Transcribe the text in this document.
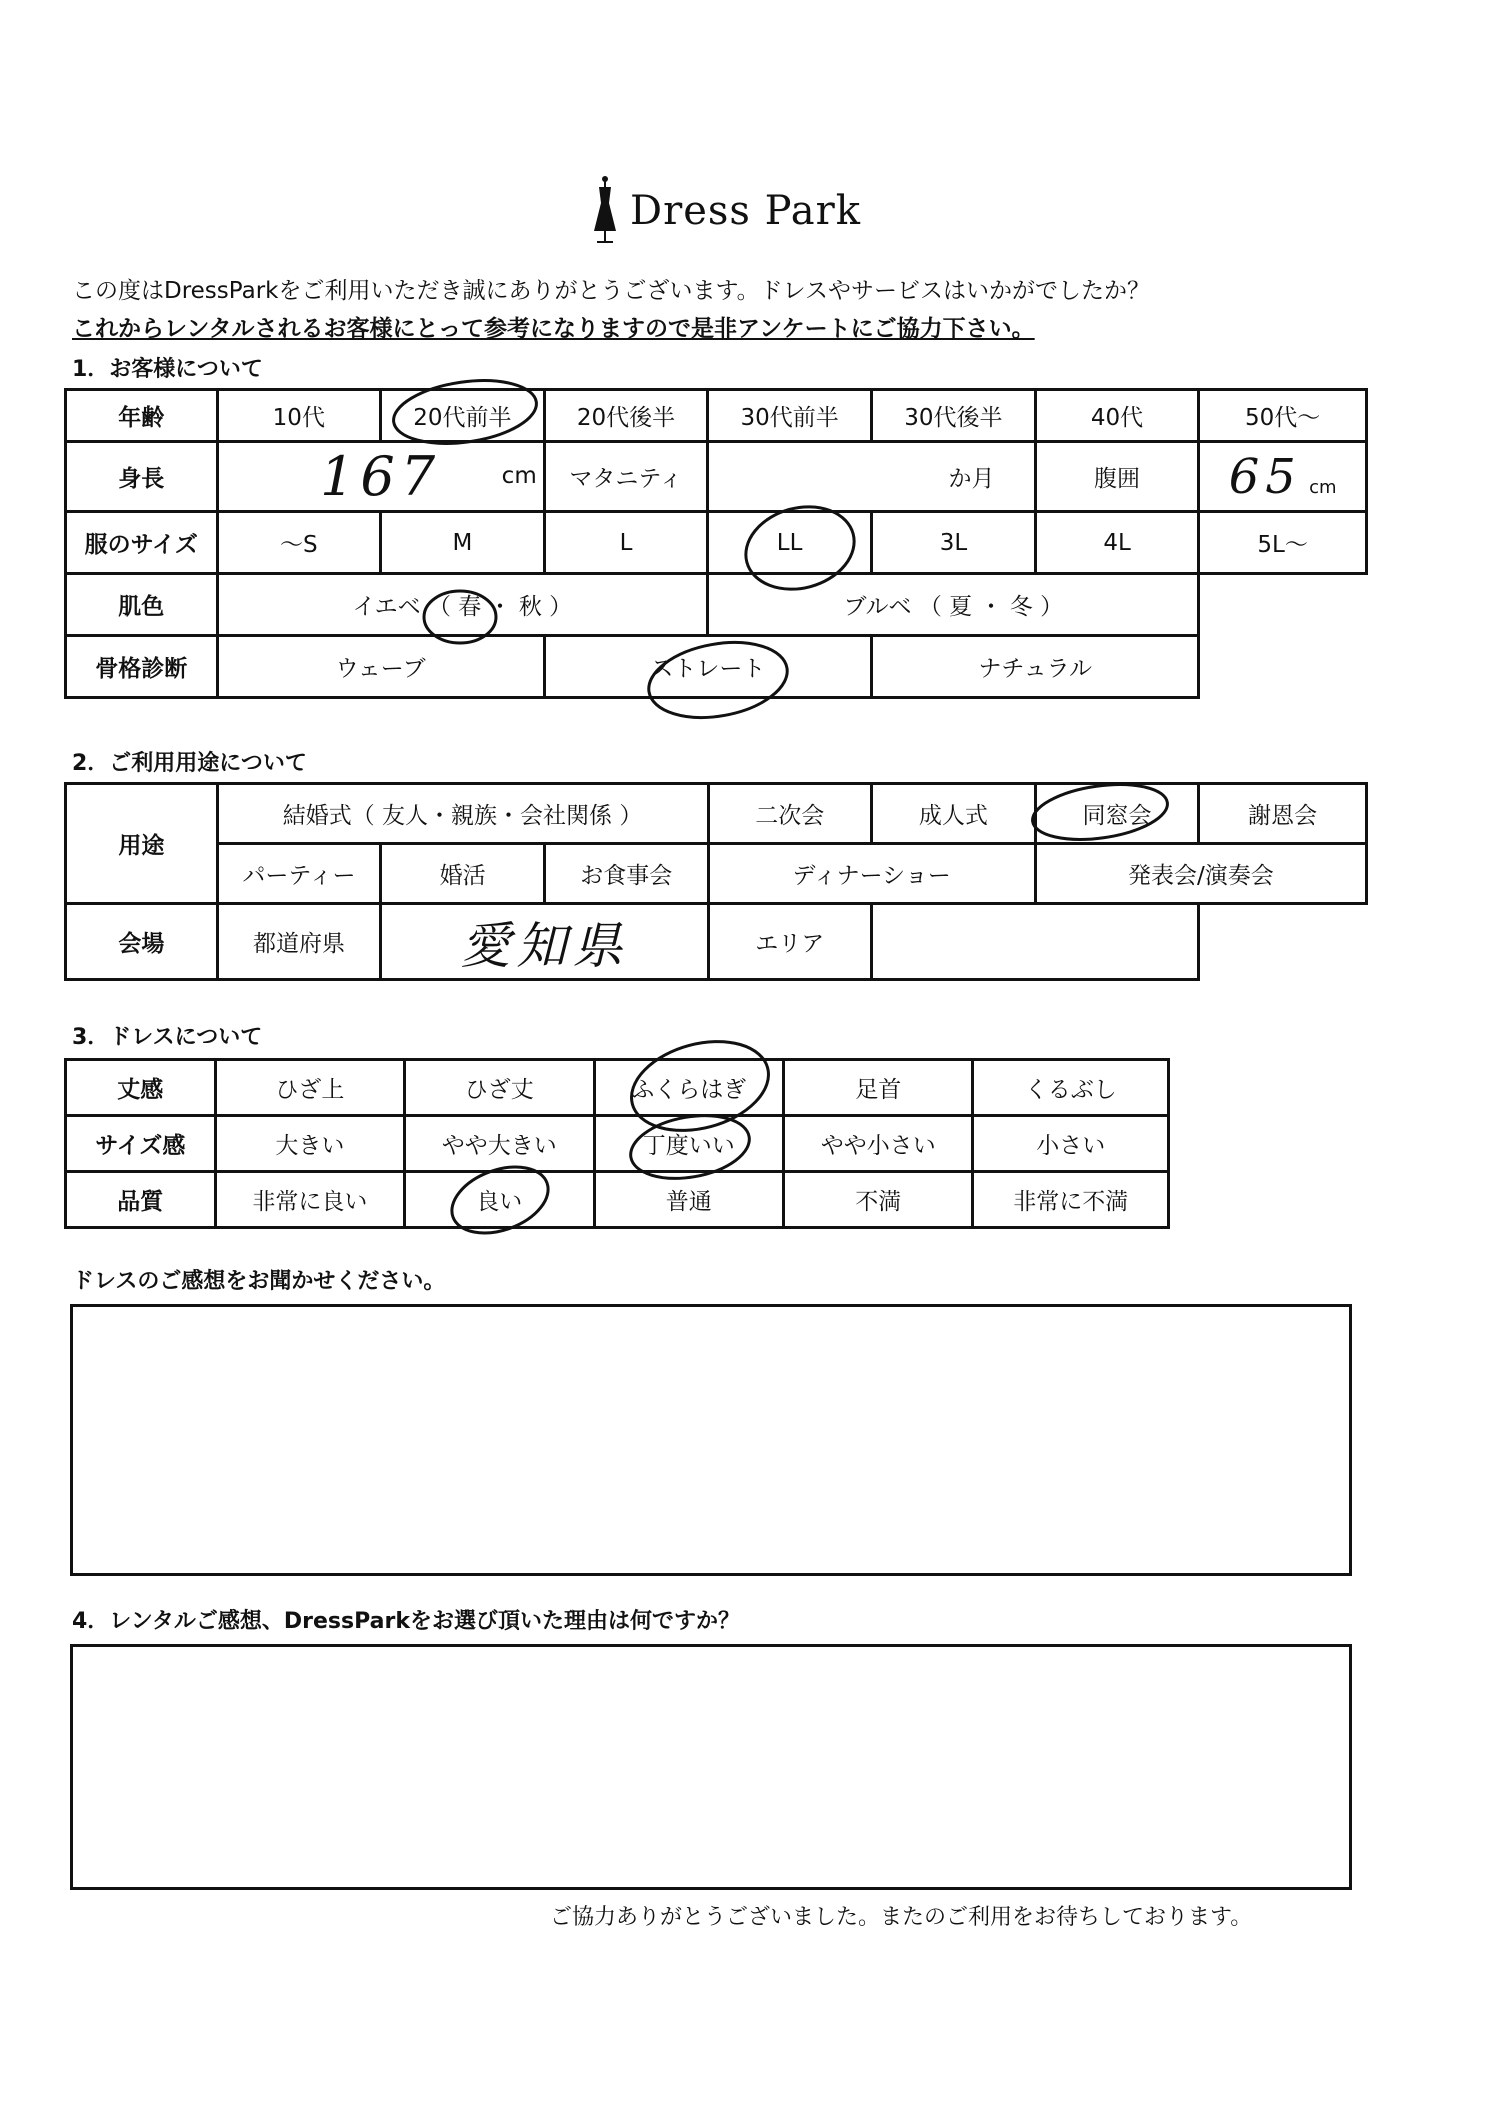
Dress Park
この度はDressParkをご利用いただき誠にありがとうございます。ドレスやサービスはいかがでしたか？
これからレンタルされるお客様にとって参考になりますので是非アンケートにご協力下さい。
1．お客様について
年齢	10代	20代前半	20代後半	30代前半	30代後半	40代	50代〜
身長	167 cm		マタニティ	か月		腹囲	65 cm
服のサイズ	〜S	M	L	LL	3L	4L	5L〜
肌色	イエベ （ 春 ・ 秋 ）			ブルベ （ 夏 ・ 冬 ）			
骨格診断	ウェーブ		ストレート		ナチュラル		
2．ご利用用途について
用途	結婚式（ 友人・親族・会社関係 ）			二次会	成人式	同窓会	謝恩会
	パーティー	婚活	お食事会	ディナーショー		発表会/演奏会	
会場	都道府県	愛知県		エリア			
3．ドレスについて
丈感	ひざ上	ひざ丈	ふくらはぎ	足首	くるぶし
サイズ感	大きい	やや大きい	丁度いい	やや小さい	小さい
品質	非常に良い	良い	普通	不満	非常に不満
ドレスのご感想をお聞かせください。
4．レンタルご感想、DressParkをお選び頂いた理由は何ですか？
ご協力ありがとうございました。またのご利用をお待ちしております。
